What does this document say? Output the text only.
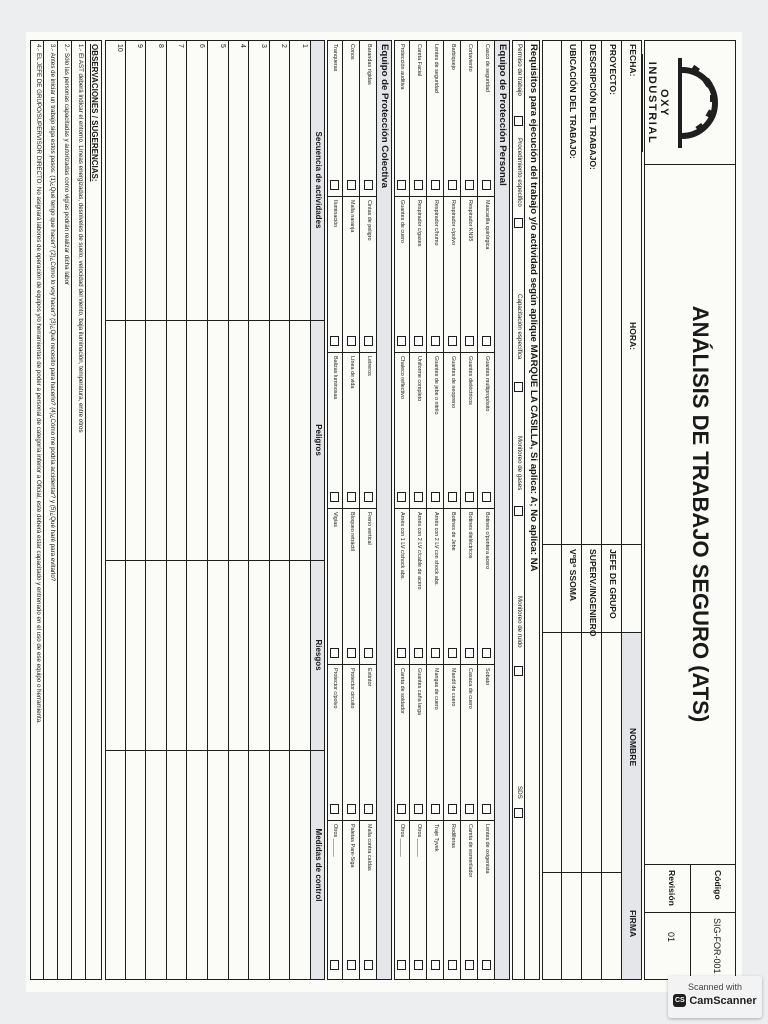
OXY INDUSTRIAL
ANÁLISIS DE TRABAJO SEGURO (ATS)
Código
SIG-FOR-001
Revisión
01
FECHA:
HORA:
PROYECTO:
DESCRIPCIÓN DEL TRABAJO:
UBICACIÓN DEL TRABAJO:
NOMBRE
FIRMA
JEFE DE GRUPO
SUPERV./INGENIERO
VºBº SSOMA
Requisitos para ejecución del trabajo y/o actividad según aplique MARQUE LA CASILLA, Si aplica: A; No aplica: NA
Permiso de trabajo
Procedimiento especifico
Capacitación específica
Monitoreo de gases
Monitoreo de ruido
SDS
Equipo de Protección Personal
Equipo de Protección Colectiva
Secuencia de actividades
Peligros
Riesgos
Medidas de control
OBSERVACIONES / SUGERENCIAS:
1.- El AST deberá indicar el entorno. Líneas energizadas, desniveles de suelo, velocidad del viento, baja iluminación, temperatura, entre otros
2.- Sólo las personas capacitadas y autorizadas como vigías podrán realizar dicha labor
3.- Antes de iniciar un trabajo siga estos pasos: (1)¿Qué tengo que hacer? (2)¿Cómo lo voy hacer? (3)¿Qué necesito para hacerlo? (4)¿Cómo me podría accidentar? y (5)¿Qué haré para evitarlo?
4.- EL JEFE DE GRUPO/SUPERVISOR DIRECTO: No asignará labores de operación de equipos y/o herramientas de poder a personal de categoría inferior a Oficial, este deberá estar capacitado y entrenado en el uso de ese equipo o herramienta.	Casco de seguridad
Cortaviento
Barbiquejo
Lentes de seguridad
Careta Facial
Protección auditiva
Mascarilla quirúrgica
Respirador KN95
Respirador c/polvo
Respirador c/humo
Respirador c/gases
Guantes de cuero
Guantes multipropósito
Guantes dieléctricos
Guantes de neopreno
Guantes de jebe o nitrilo
Uniforme completo
Chaleco reflectivo
Botines c/puntera acero
Botines dieléctricos
Botines de Jebe
Arnés con 2 LV con shock abs.
Arnés con 2 LV c/cable de acero
Arnés con 1 LV c/shock abs.
Sobato
Casaca de cuero
Mandil de cuero
Mangas de cuero
Guantes caña larga
Careta de soldador
Lentes de oxigenista
Careta de esmerilador
Rodilleras
Traje Tyvek
Otros ______
Otros ______
Barandas rígidas
Conos
Tranqueras
Cintas de peligro
Malla naranja
Iluminación
Letreros
Línea de vida
Balizas luminosas
Freno vertical
Bloqueo retráctil
Vigías
Extintor
Protector circuito
Protector c/polvo
Malla contra caídas
Paletas Pare-Siga
Otros ______
1
2
3
4
5
6
7
8
9
10
Scanned with
CS CamScanner
